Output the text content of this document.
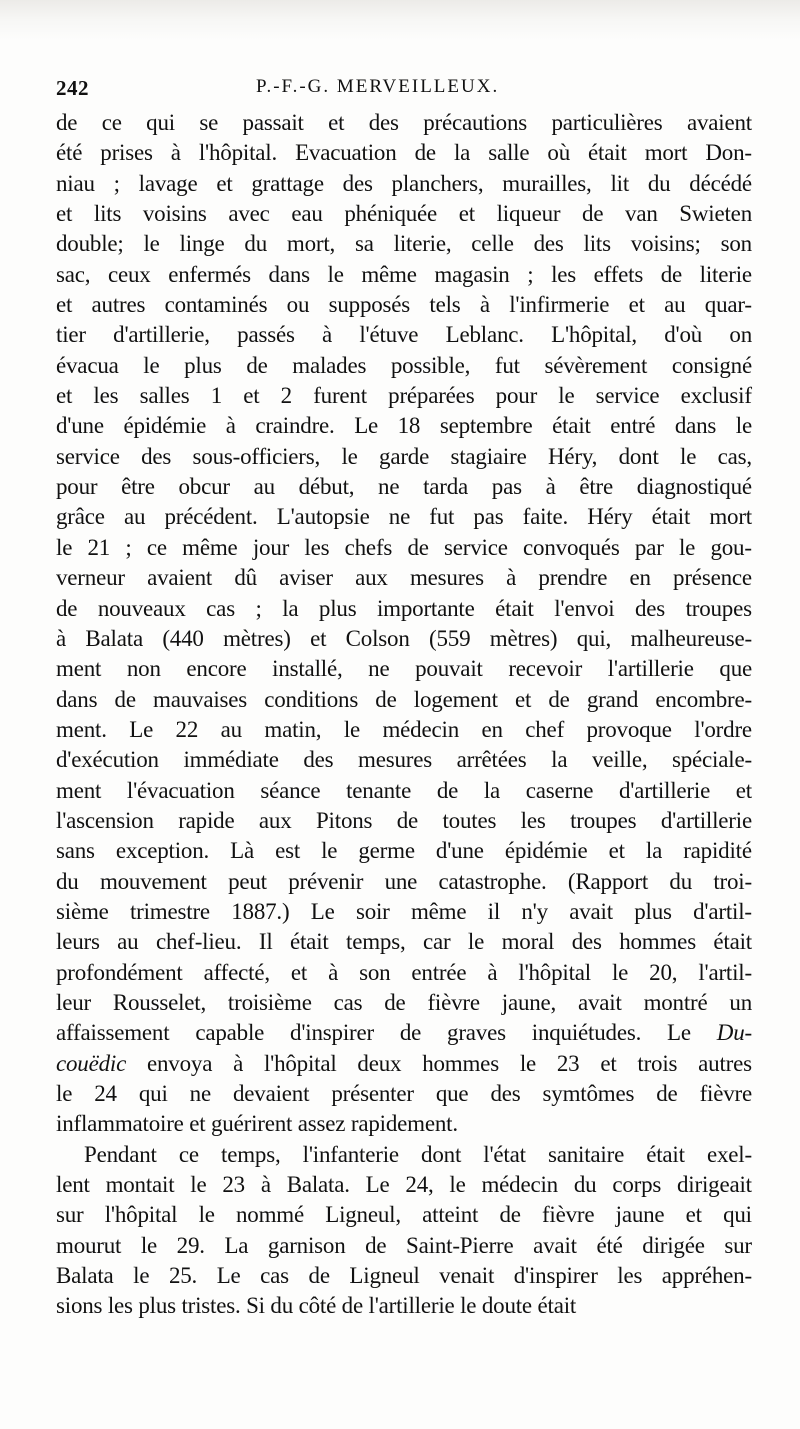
242	P.-F.-G. MERVEILLEUX.
de ce qui se passait et des précautions particulières avaient
été prises à l'hôpital. Evacuation de la salle où était mort Don-
niau ; lavage et grattage des planchers, murailles, lit du décédé
et lits voisins avec eau phéniquée et liqueur de van Swieten
double; le linge du mort, sa literie, celle des lits voisins; son
sac, ceux enfermés dans le même magasin ; les effets de literie
et autres contaminés ou supposés tels à l'infirmerie et au quar-
tier d'artillerie, passés à l'étuve Leblanc. L'hôpital, d'où on
évacua le plus de malades possible, fut sévèrement consigné
et les salles 1 et 2 furent préparées pour le service exclusif
d'une épidémie à craindre. Le 18 septembre était entré dans le
service des sous-officiers, le garde stagiaire Héry, dont le cas,
pour être obcur au début, ne tarda pas à être diagnostiqué
grâce au précédent. L'autopsie ne fut pas faite. Héry était mort
le 21 ; ce même jour les chefs de service convoqués par le gou-
verneur avaient dû aviser aux mesures à prendre en présence
de nouveaux cas ; la plus importante était l'envoi des troupes
à Balata (440 mètres) et Colson (559 mètres) qui, malheureuse-
ment non encore installé, ne pouvait recevoir l'artillerie que
dans de mauvaises conditions de logement et de grand encombre-
ment. Le 22 au matin, le médecin en chef provoque l'ordre
d'exécution immédiate des mesures arrêtées la veille, spéciale-
ment l'évacuation séance tenante de la caserne d'artillerie et
l'ascension rapide aux Pitons de toutes les troupes d'artillerie
sans exception. Là est le germe d'une épidémie et la rapidité
du mouvement peut prévenir une catastrophe. (Rapport du troi-
sième trimestre 1887.) Le soir même il n'y avait plus d'artil-
leurs au chef-lieu. Il était temps, car le moral des hommes était
profondément affecté, et à son entrée à l'hôpital le 20, l'artil-
leur Rousselet, troisième cas de fièvre jaune, avait montré un
affaissement capable d'inspirer de graves inquiétudes. Le Du-
couëdic envoya à l'hôpital deux hommes le 23 et trois autres
le 24 qui ne devaient présenter que des symtômes de fièvre
inflammatoire et guérirent assez rapidement.
Pendant ce temps, l'infanterie dont l'état sanitaire était exel-
lent montait le 23 à Balata. Le 24, le médecin du corps dirigeait
sur l'hôpital le nommé Ligneul, atteint de fièvre jaune et qui
mourut le 29. La garnison de Saint-Pierre avait été dirigée sur
Balata le 25. Le cas de Ligneul venait d'inspirer les appréhen-
sions les plus tristes. Si du côté de l'artillerie le doute était
